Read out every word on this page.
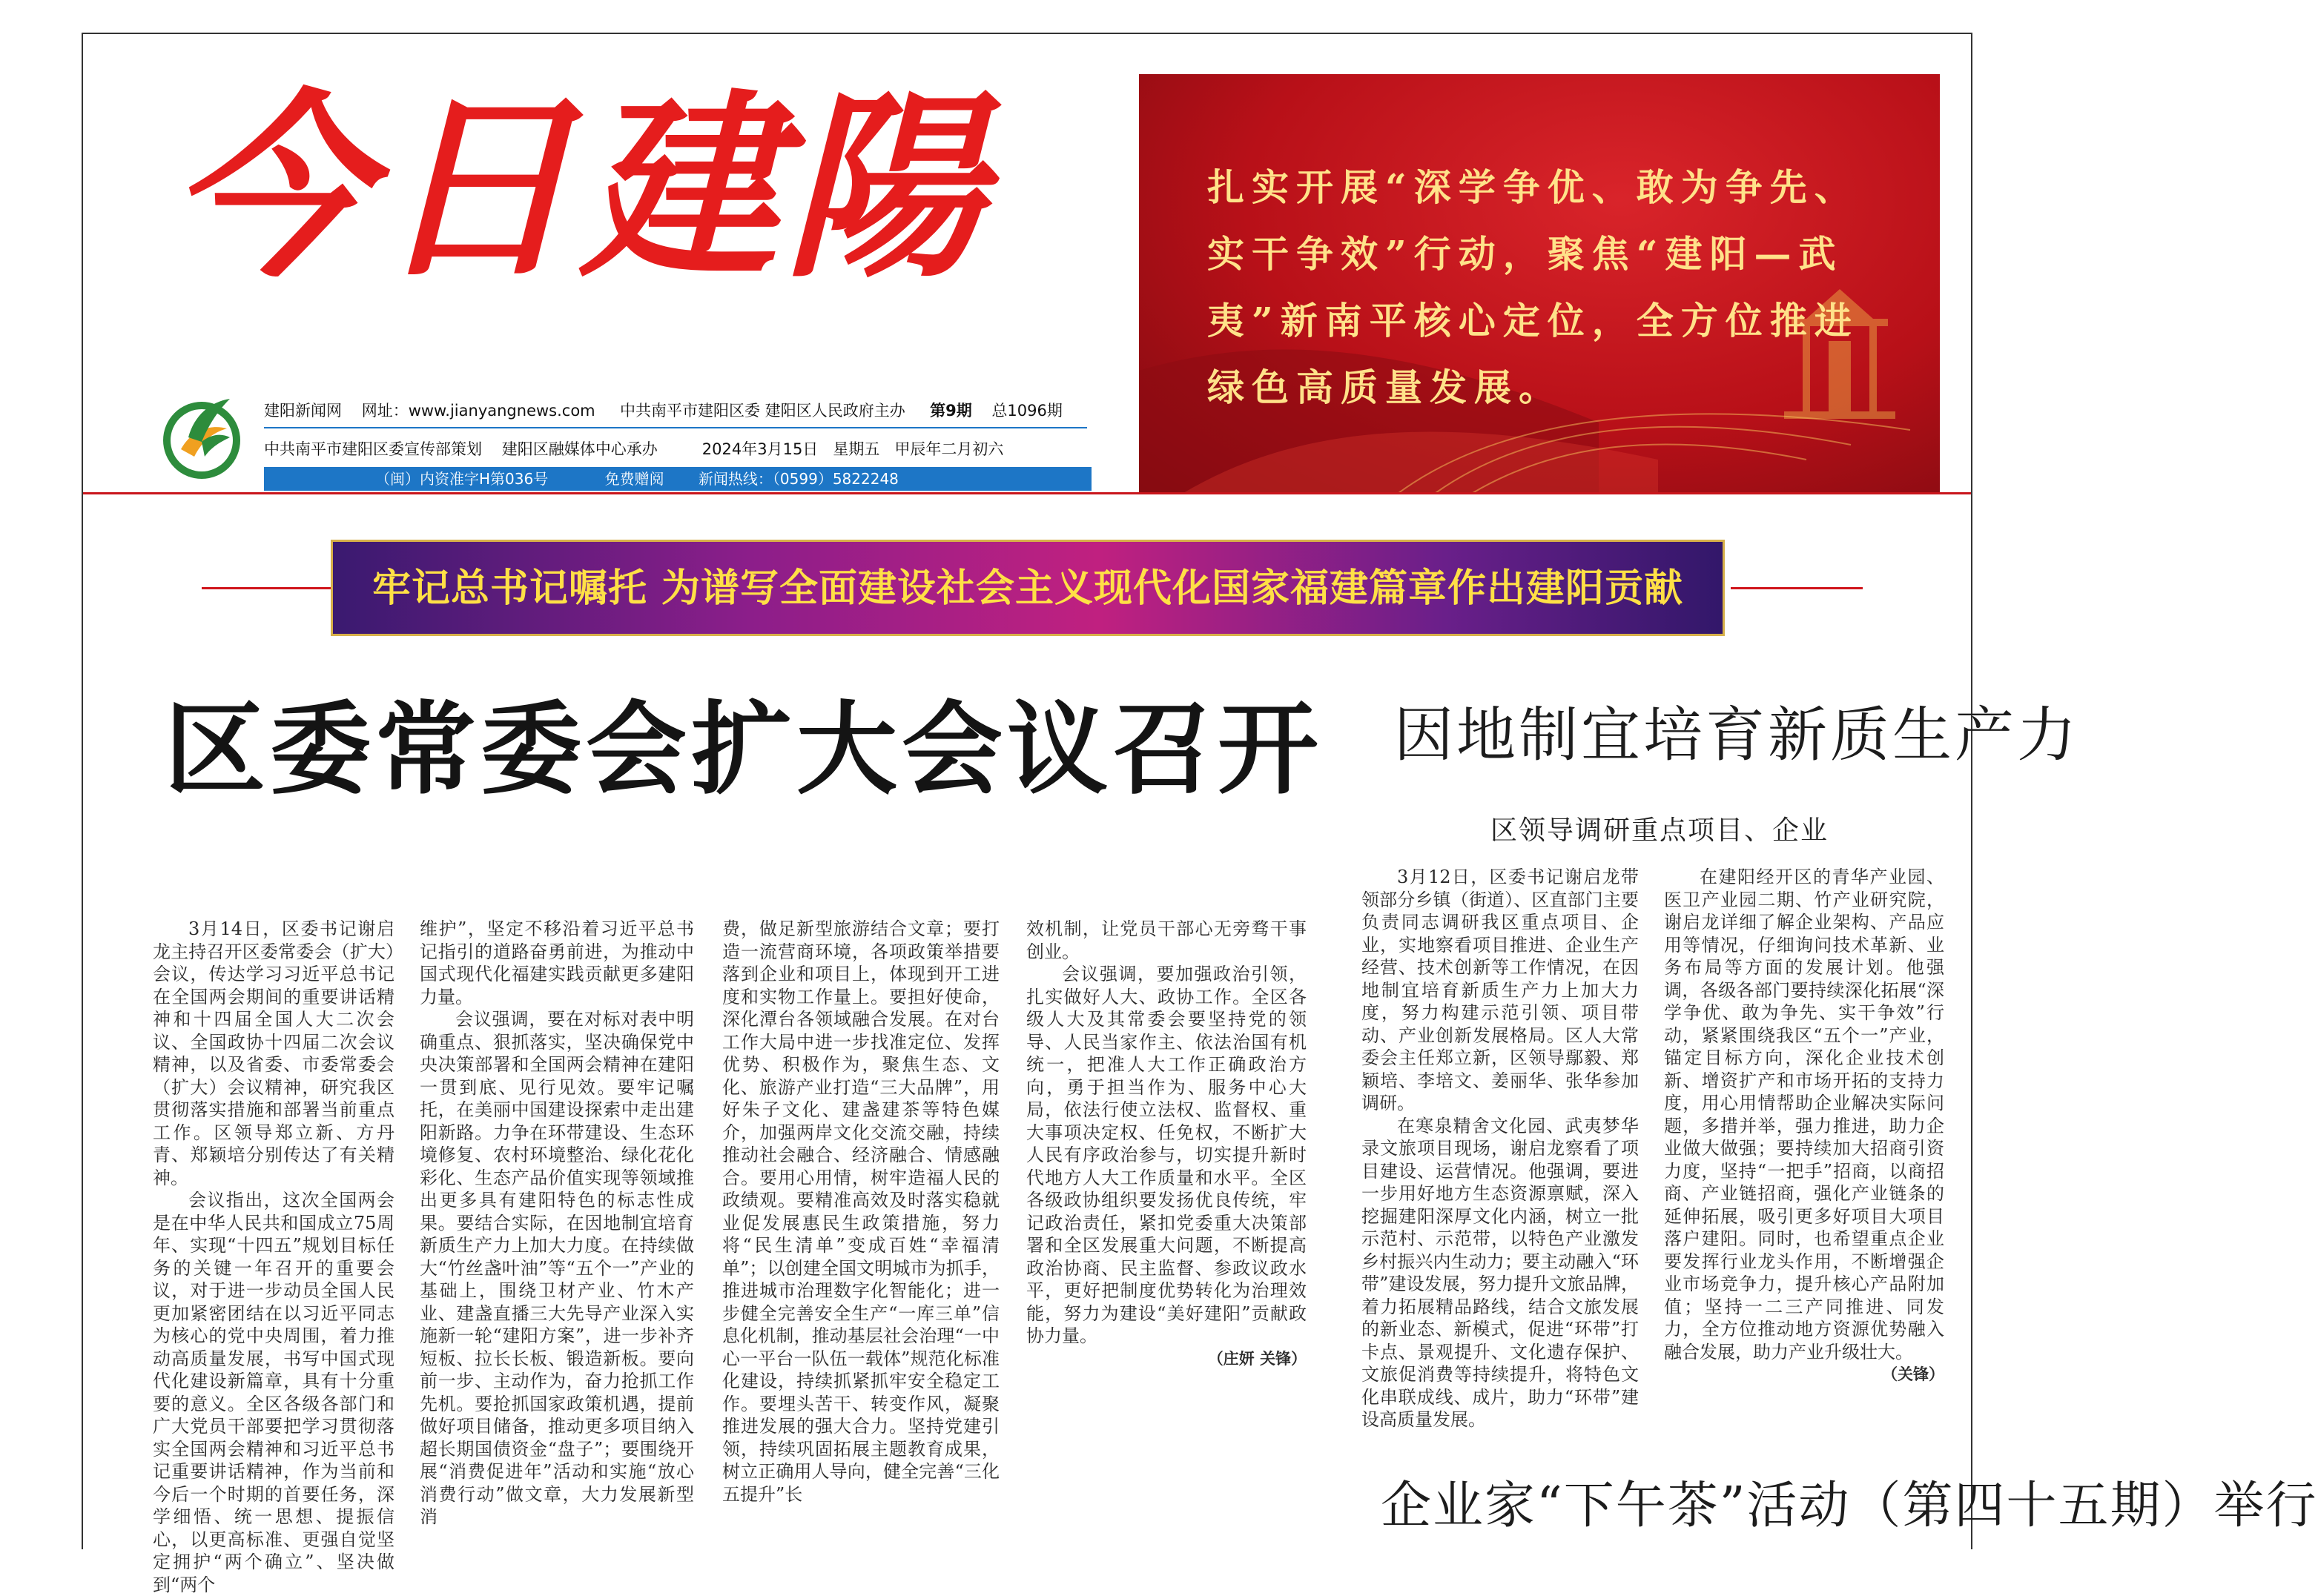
今日建陽
建阳新闻网 网址：www.jianyangnews.com 中共南平市建阳区委 建阳区人民政府主办 第9期 总1096期
中共南平市建阳区委宣传部策划 建阳区融媒体中心承办	2024年3月15日 星期五 甲辰年二月初六
（闽）内资准字H第036号	免费赠阅 新闻热线：（0599）5822248
扎实开展“深学争优、敢为争先、实干争效”行动，聚焦“建阳—武夷”新南平核心定位，全方位推进绿色高质量发展。
牢记总书记嘱托 为谱写全面建设社会主义现代化国家福建篇章作出建阳贡献
区委常委会扩大会议召开

3月14日，区委书记谢启龙主持召开区委常委会（扩大）会议，传达学习习近平总书记在全国两会期间的重要讲话精神和十四届全国人大二次会议、全国政协十四届二次会议精神，以及省委、市委常委会（扩大）会议精神，研究我区贯彻落实措施和部署当前重点工作。区领导郑立新、方丹青、郑颖培分别传达了有关精神。

会议指出，这次全国两会是在中华人民共和国成立75周年、实现“十四五”规划目标任务的关键一年召开的重要会议，对于进一步动员全国人民更加紧密团结在以习近平同志为核心的党中央周围，着力推动高质量发展，书写中国式现代化建设新篇章，具有十分重要的意义。全区各级各部门和广大党员干部要把学习贯彻落实全国两会精神和习近平总书记重要讲话精神，作为当前和今后一个时期的首要任务，深学细悟、统一思想、提振信心，以更高标准、更强自觉坚定拥护“两个确立”、坚决做到“两个

维护”，坚定不移沿着习近平总书记指引的道路奋勇前进，为推动中国式现代化福建实践贡献更多建阳力量。

会议强调，要在对标对表中明确重点、狠抓落实，坚决确保党中央决策部署和全国两会精神在建阳一贯到底、见行见效。要牢记嘱托，在美丽中国建设探索中走出建阳新路。力争在环带建设、生态环境修复、农村环境整治、绿化花化彩化、生态产品价值实现等领域推出更多具有建阳特色的标志性成果。要结合实际，在因地制宜培育新质生产力上加大力度。在持续做大“竹丝盏叶油”等“五个一”产业的基础上，围绕卫材产业、竹木产业、建盏直播三大先导产业深入实施新一轮“建阳方案”，进一步补齐短板、拉长长板、锻造新板。要向前一步、主动作为，奋力抢抓工作先机。要抢抓国家政策机遇，提前做好项目储备，推动更多项目纳入超长期国债资金“盘子”；要围绕开展“消费促进年”活动和实施“放心消费行动”做文章，大力发展新型消

费，做足新型旅游结合文章；要打造一流营商环境，各项政策举措要落到企业和项目上，体现到开工进度和实物工作量上。要担好使命，深化潭台各领域融合发展。在对台工作大局中进一步找准定位、发挥优势、积极作为，聚焦生态、文化、旅游产业打造“三大品牌”，用好朱子文化、建盏建茶等特色媒介，加强两岸文化交流交融，持续推动社会融合、经济融合、情感融合。要用心用情，树牢造福人民的政绩观。要精准高效及时落实稳就业促发展惠民生政策措施，努力将“民生清单”变成百姓“幸福清单”；以创建全国文明城市为抓手，推进城市治理数字化智能化；进一步健全完善安全生产“一库三单”信息化机制，推动基层社会治理“一中心一平台一队伍一载体”规范化标准化建设，持续抓紧抓牢安全稳定工作。要埋头苦干、转变作风，凝聚推进发展的强大合力。坚持党建引领，持续巩固拓展主题教育成果，树立正确用人导向，健全完善“三化五提升”长

效机制，让党员干部心无旁骛干事创业。

会议强调，要加强政治引领，扎实做好人大、政协工作。全区各级人大及其常委会要坚持党的领导、人民当家作主、依法治国有机统一，把准人大工作正确政治方向，勇于担当作为、服务中心大局，依法行使立法权、监督权、重大事项决定权、任免权，不断扩大人民有序政治参与，切实提升新时代地方人大工作质量和水平。全区各级政协组织要发扬优良传统，牢记政治责任，紧扣党委重大决策部署和全区发展重大问题，不断提高政治协商、民主监督、参政议政水平，更好把制度优势转化为治理效能，努力为建设“美好建阳”贡献政协力量。

（庄妍 关锋）
因地制宜培育新质生产力
区领导调研重点项目、企业

3月12日，区委书记谢启龙带领部分乡镇（街道）、区直部门主要负责同志调研我区重点项目、企业，实地察看项目推进、企业生产经营、技术创新等工作情况，在因地制宜培育新质生产力上加大力度，努力构建示范引领、项目带动、产业创新发展格局。区人大常委会主任郑立新，区领导鄢毅、郑颖培、李培文、姜丽华、张华参加调研。

在寒泉精舍文化园、武夷梦华录文旅项目现场，谢启龙察看了项目建设、运营情况。他强调，要进一步用好地方生态资源禀赋，深入挖掘建阳深厚文化内涵，树立一批示范村、示范带，以特色产业激发乡村振兴内生动力；要主动融入“环带”建设发展，努力提升文旅品牌，着力拓展精品路线，结合文旅发展的新业态、新模式，促进“环带”打卡点、景观提升、文化遗存保护、文旅促消费等持续提升，将特色文化串联成线、成片，助力“环带”建设高质量发展。

在建阳经开区的青华产业园、医卫产业园二期、竹产业研究院，谢启龙详细了解企业架构、产品应用等情况，仔细询问技术革新、业务布局等方面的发展计划。他强调，各级各部门要持续深化拓展“深学争优、敢为争先、实干争效”行动，紧紧围绕我区“五个一”产业，锚定目标方向，深化企业技术创新、增资扩产和市场开拓的支持力度，用心用情帮助企业解决实际问题，多措并举，强力推进，助力企业做大做强；要持续加大招商引资力度，坚持“一把手”招商，以商招商、产业链招商，强化产业链条的延伸拓展，吸引更多好项目大项目落户建阳。同时，也希望重点企业要发挥行业龙头作用，不断增强企业市场竞争力，提升核心产品附加值；坚持一二三产同推进、同发力，全方位推动地方资源优势融入融合发展，助力产业升级壮大。

（关锋）
企业家“下午茶”活动（第四十五期）举行
